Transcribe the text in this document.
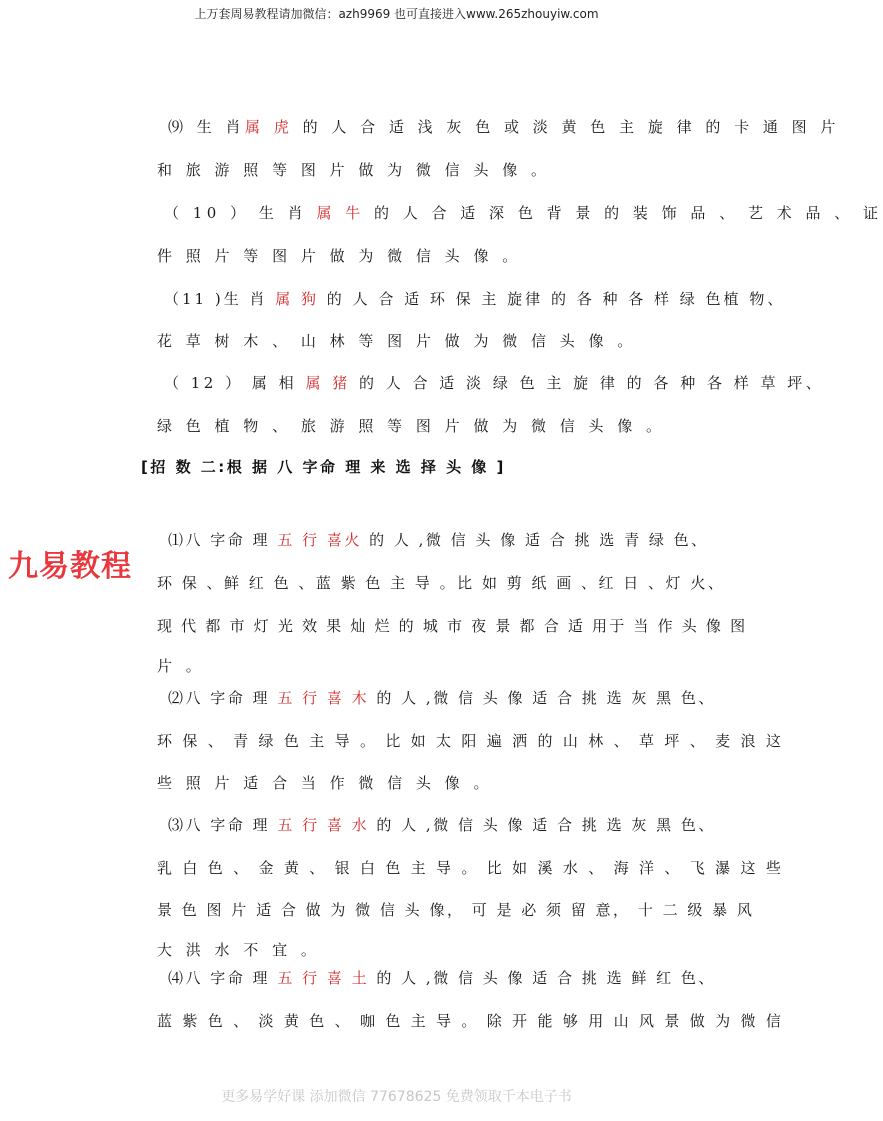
上万套周易教程请加微信：azh9969 也可直接进入www.265zhouyiw.com
⑼ 生 肖属 虎 的 人 合 适 浅 灰 色 或 淡 黄 色 主 旋 律 的 卡 通 图 片
和 旅 游 照 等 图 片 做 为 微 信 头 像 。
（ 10 ） 生 肖 属 牛 的 人 合 适 深 色 背 景 的 装 饰 品 、 艺 术 品 、 证
件 照 片 等 图 片 做 为 微 信 头 像 。
（11 )生 肖 属 狗 的 人 合 适 环 保 主 旋律 的 各 种 各 样 绿 色植 物、
花 草 树 木 、 山 林 等 图 片 做 为 微 信 头 像 。
（ 12 ） 属 相 属 猪 的 人 合 适 淡 绿 色 主 旋 律 的 各 种 各 样 草 坪、
绿 色 植 物 、 旅 游 照 等 图 片 做 为 微 信 头 像 。
[招 数 二:根 据 八 字命 理 来 选 择 头 像 ]
九易教程
⑴八 字命 理 五 行 喜火 的 人 ,微 信 头 像 适 合 挑 选 青 绿 色、
环 保 、鲜 红 色 、蓝 紫 色 主 导 。比 如 剪 纸 画 、红 日 、灯 火、
现 代 都 市 灯 光 效 果 灿 烂 的 城 市 夜 景 都 合 适 用于 当 作 头 像 图
片 。
⑵八 字命 理 五 行 喜 木 的 人 ,微 信 头 像 适 合 挑 选 灰 黑 色、
环 保 、 青 绿 色 主 导 。 比 如 太 阳 遍 洒 的 山 林 、 草 坪 、 麦 浪 这
些 照 片 适 合 当 作 微 信 头 像 。
⑶八 字命 理 五 行 喜 水 的 人 ,微 信 头 像 适 合 挑 选 灰 黑 色、
乳 白 色 、 金 黄 、 银 白 色 主 导 。 比 如 溪 水 、 海 洋 、 飞 瀑 这 些
景 色 图 片 适 合 做 为 微 信 头 像， 可 是 必 须 留 意， 十 二 级 暴 风
大 洪 水 不 宜 。
⑷八 字命 理 五 行 喜 土 的 人 ,微 信 头 像 适 合 挑 选 鲜 红 色、
蓝 紫 色 、 淡 黄 色 、 咖 色 主 导 。 除 开 能 够 用 山 风 景 做 为 微 信
更多易学好课 添加微信 77678625 免费领取千本电子书
